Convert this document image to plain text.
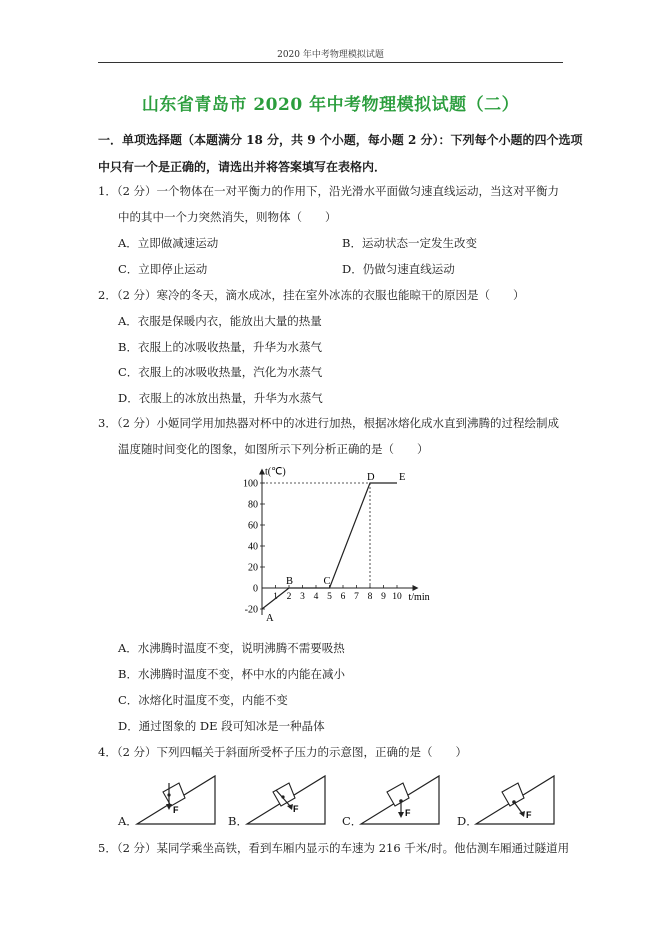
2020 年中考物理模拟试题
山东省青岛市 2020 年中考物理模拟试题（二）
一．单项选择题（本题满分 18 分，共 9 个小题，每小题 2 分）：下列每个小题的四个选项
中只有一个是正确的，请选出并将答案填写在表格内．
1．（2 分）一个物体在一对平衡力的作用下，沿光滑水平面做匀速直线运动，当这对平衡力
中的其中一个力突然消失，则物体（　　）
A．立即做减速运动	B．运动状态一定发生改变
C．立即停止运动	D．仍做匀速直线运动
2．（2 分）寒冷的冬天，滴水成冰，挂在室外冰冻的衣服也能晾干的原因是（　　）
A．衣服是保暖内衣，能放出大量的热量
B．衣服上的冰吸收热量，升华为水蒸气
C．衣服上的冰吸收热量，汽化为水蒸气
D．衣服上的冰放出热量，升华为水蒸气
3．（2 分）小姬同学用加热器对杯中的冰进行加热，根据冰熔化成水直到沸腾的过程绘制成
温度随时间变化的图象，如图所示下列分析正确的是（　　）
t(℃)
t/min
100
80
60
40
20
0
-20
1 2 3 4 5 6 7 8 9 10
A
B	C
D E
A．水沸腾时温度不变，说明沸腾不需要吸热
B．水沸腾时温度不变，杯中水的内能在减小
C．冰熔化时温度不变，内能不变
D．通过图象的 DE 段可知冰是一种晶体
4．（2 分）下列四幅关于斜面所受杯子压力的示意图，正确的是（　　）
A．
F
B．
F
C．
F
D．	F
5．（2 分）某同学乘坐高铁，看到车厢内显示的车速为 216 千米/时。他估测车厢通过隧道用
